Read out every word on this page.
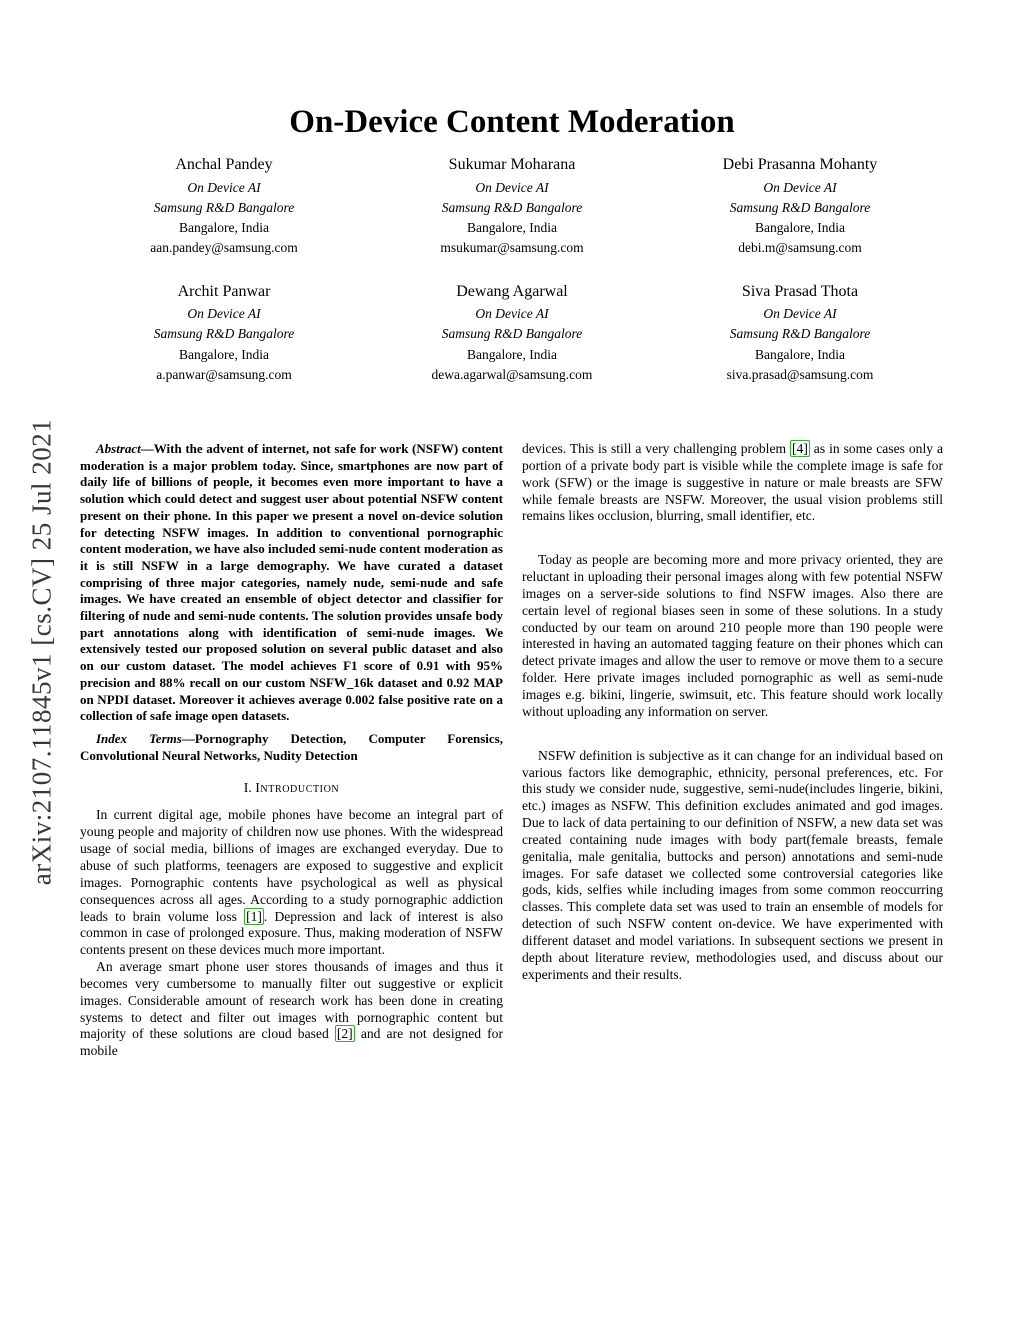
arXiv:2107.11845v1 [cs.CV] 25 Jul 2021
On-Device Content Moderation
Anchal Pandey
On Device AI
Samsung R&D Bangalore
Bangalore, India
aan.pandey@samsung.com
Sukumar Moharana
On Device AI
Samsung R&D Bangalore
Bangalore, India
msukumar@samsung.com
Debi Prasanna Mohanty
On Device AI
Samsung R&D Bangalore
Bangalore, India
debi.m@samsung.com
Archit Panwar
On Device AI
Samsung R&D Bangalore
Bangalore, India
a.panwar@samsung.com
Dewang Agarwal
On Device AI
Samsung R&D Bangalore
Bangalore, India
dewa.agarwal@samsung.com
Siva Prasad Thota
On Device AI
Samsung R&D Bangalore
Bangalore, India
siva.prasad@samsung.com

Abstract—With the advent of internet, not safe for work (NSFW) content moderation is a major problem today. Since, smartphones are now part of daily life of billions of people, it becomes even more important to have a solution which could detect and suggest user about potential NSFW content present on their phone. In this paper we present a novel on-device solution for detecting NSFW images. In addition to conventional pornographic content moderation, we have also included semi-nude content moderation as it is still NSFW in a large demography. We have curated a dataset comprising of three major categories, namely nude, semi-nude and safe images. We have created an ensemble of object detector and classifier for filtering of nude and semi-nude contents. The solution provides unsafe body part annotations along with identification of semi-nude images. We extensively tested our proposed solution on several public dataset and also on our custom dataset. The model achieves F1 score of 0.91 with 95% precision and 88% recall on our custom NSFW_16k dataset and 0.92 MAP on NPDI dataset. Moreover it achieves average 0.002 false positive rate on a collection of safe image open datasets.

Index Terms—Pornography Detection, Computer Forensics, Convolutional Neural Networks, Nudity Detection

I. Introduction

In current digital age, mobile phones have become an integral part of young people and majority of children now use phones. With the widespread usage of social media, billions of images are exchanged everyday. Due to abuse of such platforms, teenagers are exposed to suggestive and explicit images. Pornographic contents have psychological as well as physical consequences across all ages. According to a study pornographic addiction leads to brain volume loss [1] . Depression and lack of interest is also common in case of prolonged exposure. Thus, making moderation of NSFW contents present on these devices much more important.

An average smart phone user stores thousands of images and thus it becomes very cumbersome to manually filter out suggestive or explicit images. Considerable amount of research work has been done in creating systems to detect and filter out images with pornographic content but majority of these solutions are cloud based [2] and are not designed for mobile

devices. This is still a very challenging problem [4] as in some cases only a portion of a private body part is visible while the complete image is safe for work (SFW) or the image is suggestive in nature or male breasts are SFW while female breasts are NSFW. Moreover, the usual vision problems still remains likes occlusion, blurring, small identifier, etc.

Today as people are becoming more and more privacy oriented, they are reluctant in uploading their personal images along with few potential NSFW images on a server-side solutions to find NSFW images. Also there are certain level of regional biases seen in some of these solutions. In a study conducted by our team on around 210 people more than 190 people were interested in having an automated tagging feature on their phones which can detect private images and allow the user to remove or move them to a secure folder. Here private images included pornographic as well as semi-nude images e.g. bikini, lingerie, swimsuit, etc. This feature should work locally without uploading any information on server.

NSFW definition is subjective as it can change for an individual based on various factors like demographic, ethnicity, personal preferences, etc. For this study we consider nude, suggestive, semi-nude(includes lingerie, bikini, etc.) images as NSFW. This definition excludes animated and god images. Due to lack of data pertaining to our definition of NSFW, a new data set was created containing nude images with body part(female breasts, female genitalia, male genitalia, buttocks and person) annotations and semi-nude images. For safe dataset we collected some controversial categories like gods, kids, selfies while including images from some common reoccurring classes. This complete data set was used to train an ensemble of models for detection of such NSFW content on-device. We have experimented with different dataset and model variations. In subsequent sections we present in depth about literature review, methodologies used, and discuss about our experiments and their results.
